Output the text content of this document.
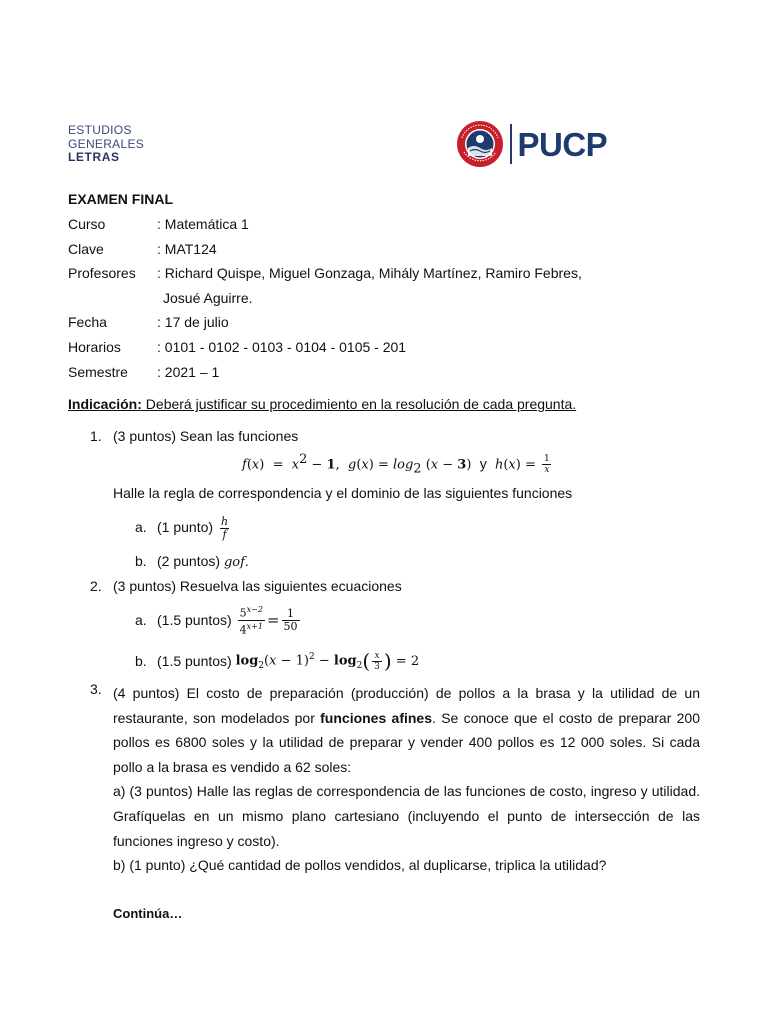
ESTUDIOS
GENERALES
LETRAS	PUCP
EXAMEN FINAL
Curso	: Matemática 1
Clave	: MAT124
Profesores	: Richard Quispe, Miguel Gonzaga, Mihály Martínez, Ramiro Febres,
Josué Aguirre.
Fecha	: 17 de julio
Horarios	: 0101 - 0102 - 0103 - 0104 - 0105 - 201
Semestre	: 2021 – 1
Indicación: Deberá justificar su procedimiento en la resolución de cada pregunta.
1. (3 puntos) Sean las funciones
$f(x) = x^2 - 1$,  $g(x) = \log_2 (x - 3)$  y $h(x) = \frac{1}{x}$
Halle la regla de correspondencia y el dominio de las siguientes funciones
a. (1 punto) $\frac{h}{f}$
b. (2 puntos) gof.
2. (3 puntos) Resuelva las siguientes ecuaciones
a. (1.5 puntos)
$\frac{5^{x-2}}{4^{x+1}} = \frac{1}{50}$
b. (1.5 puntos)
$\log_2(x - 1)^2 - \log_2$ ( $\frac{x}{3}$ ) = 2
3. (4 puntos) El costo de preparación (producción) de pollos a la brasa y la utilidad de un restaurante, son modelados por funciones afines. Se conoce que el costo de preparar 200 pollos es 6800 soles y la utilidad de preparar y vender 400 pollos es 12 000 soles. Si cada pollo a la brasa es vendido a 62 soles:
a) (3 puntos) Halle las reglas de correspondencia de las funciones de costo, ingreso y utilidad. Grafíquelas en un mismo plano cartesiano (incluyendo el punto de intersección de las funciones ingreso y costo).
b) (1 punto) ¿Qué cantidad de pollos vendidos, al duplicarse, triplica la utilidad?
Continúa…
